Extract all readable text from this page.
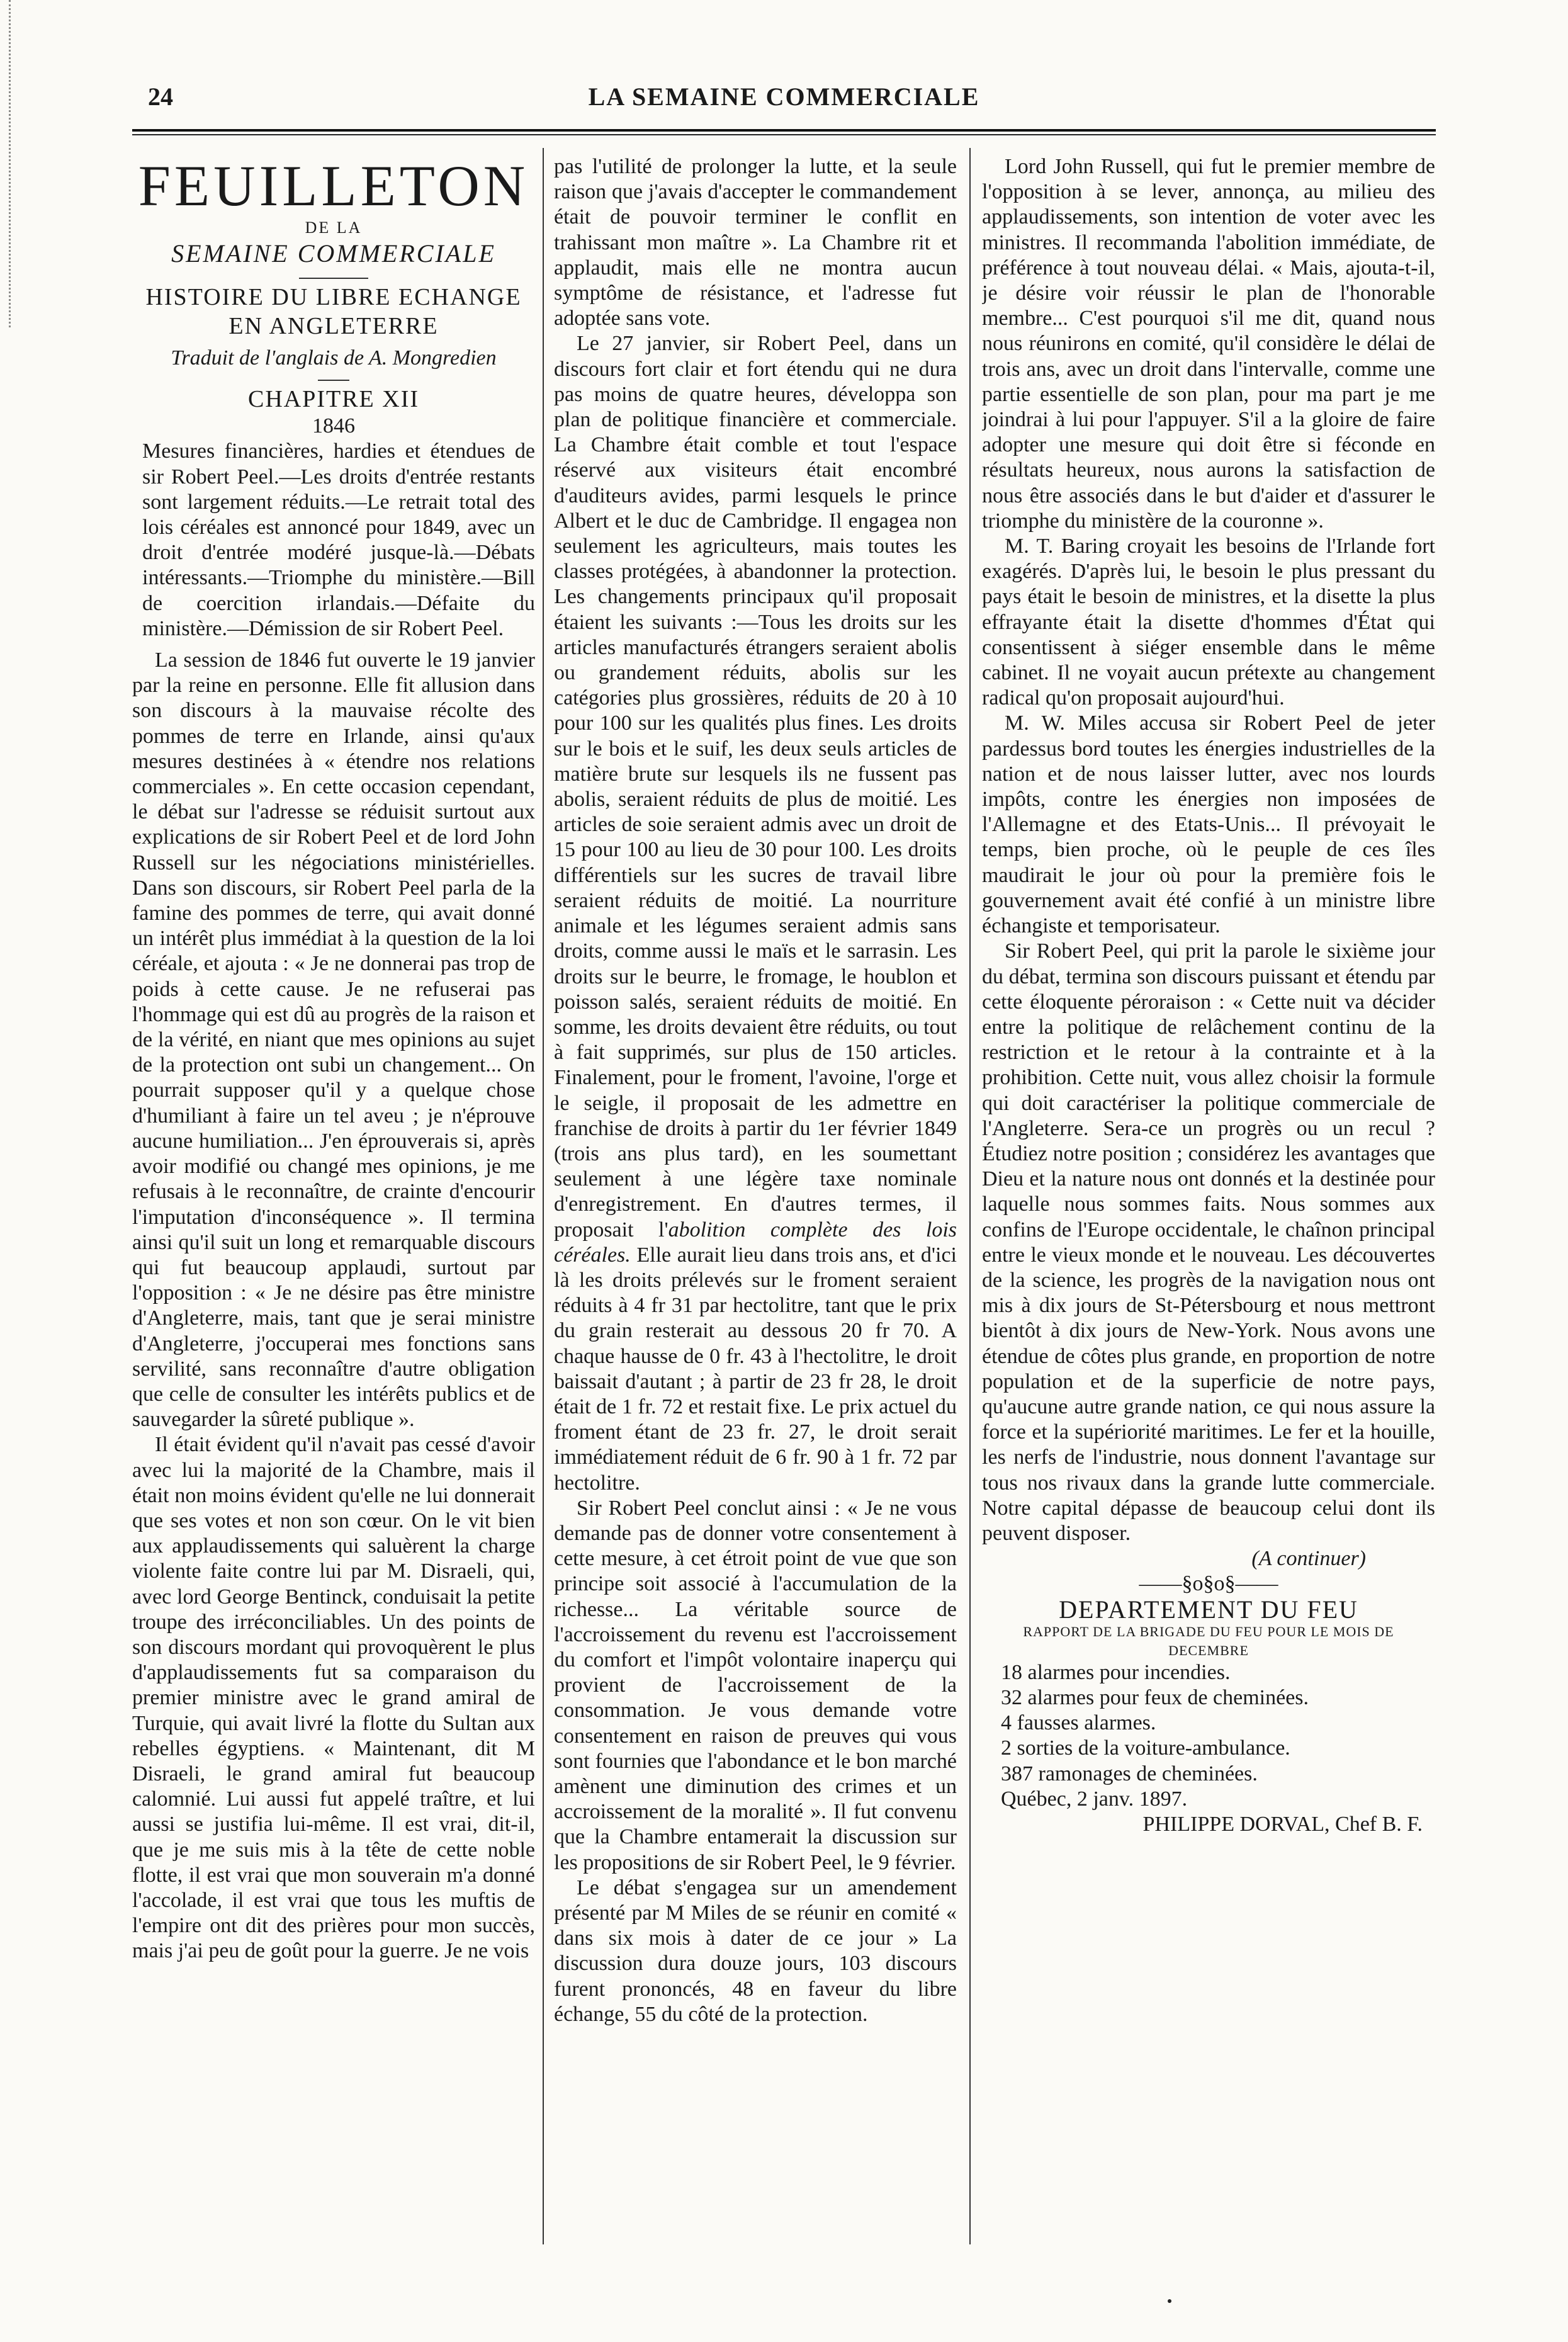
24	LA SEMAINE COMMERCIALE

FEUILLETON

DE LA

SEMAINE COMMERCIALE

HISTOIRE DU LIBRE ECHANGE

EN ANGLETERRE

Traduit de l'anglais de A. Mongredien

CHAPITRE XII

1846

Mesures financières, hardies et étendues de sir Robert Peel.—Les droits d'entrée restants sont largement réduits.—Le retrait total des lois céréales est annoncé pour 1849, avec un droit d'entrée modéré jusque-là.—Débats intéressants.—Triomphe du ministère.—Bill de coercition irlandais.—Défaite du ministère.—Démission de sir Robert Peel.

La session de 1846 fut ouverte le 19 janvier par la reine en personne. Elle fit allusion dans son discours à la mauvaise récolte des pommes de terre en Irlande, ainsi qu'aux mesures destinées à « étendre nos relations commerciales ». En cette occasion cependant, le débat sur l'adresse se réduisit surtout aux explications de sir Robert Peel et de lord John Russell sur les négociations ministérielles. Dans son discours, sir Robert Peel parla de la famine des pommes de terre, qui avait donné un intérêt plus immédiat à la question de la loi céréale, et ajouta : « Je ne donnerai pas trop de poids à cette cause. Je ne refuserai pas l'hommage qui est dû au progrès de la raison et de la vérité, en niant que mes opinions au sujet de la protection ont subi un changement... On pourrait supposer qu'il y a quelque chose d'humiliant à faire un tel aveu ; je n'éprouve aucune humiliation... J'en éprouverais si, après avoir modifié ou changé mes opinions, je me refusais à le reconnaître, de crainte d'encourir l'imputation d'inconséquence ». Il termina ainsi qu'il suit un long et remarquable discours qui fut beaucoup applaudi, surtout par l'opposition : « Je ne désire pas être ministre d'Angleterre, mais, tant que je serai ministre d'Angleterre, j'occuperai mes fonctions sans servilité, sans reconnaître d'autre obligation que celle de consulter les intérêts publics et de sauvegarder la sûreté publique ».

Il était évident qu'il n'avait pas cessé d'avoir avec lui la majorité de la Chambre, mais il était non moins évident qu'elle ne lui donnerait que ses votes et non son cœur. On le vit bien aux applaudissements qui saluèrent la charge violente faite contre lui par M. Disraeli, qui, avec lord George Bentinck, conduisait la petite troupe des irréconciliables. Un des points de son discours mordant qui provoquèrent le plus d'applaudissements fut sa comparaison du premier ministre avec le grand amiral de Turquie, qui avait livré la flotte du Sultan aux rebelles égyptiens. « Maintenant, dit M Disraeli, le grand amiral fut beaucoup calomnié. Lui aussi fut appelé traître, et lui aussi se justifia lui-même. Il est vrai, dit-il, que je me suis mis à la tête de cette noble flotte, il est vrai que mon souverain m'a donné l'accolade, il est vrai que tous les muftis de l'empire ont dit des prières pour mon succès, mais j'ai peu de goût pour la guerre. Je ne vois

pas l'utilité de prolonger la lutte, et la seule raison que j'avais d'accepter le commandement était de pouvoir terminer le conflit en trahissant mon maître ». La Chambre rit et applaudit, mais elle ne montra aucun symptôme de résistance, et l'adresse fut adoptée sans vote.

Le 27 janvier, sir Robert Peel, dans un discours fort clair et fort étendu qui ne dura pas moins de quatre heures, développa son plan de politique financière et commerciale. La Chambre était comble et tout l'espace réservé aux visiteurs était encombré d'auditeurs avides, parmi lesquels le prince Albert et le duc de Cambridge. Il engagea non seulement les agriculteurs, mais toutes les classes protégées, à abandonner la protection. Les changements principaux qu'il proposait étaient les suivants :—Tous les droits sur les articles manufacturés étrangers seraient abolis ou grandement réduits, abolis sur les catégories plus grossières, réduits de 20 à 10 pour 100 sur les qualités plus fines. Les droits sur le bois et le suif, les deux seuls articles de matière brute sur lesquels ils ne fussent pas abolis, seraient réduits de plus de moitié. Les articles de soie seraient admis avec un droit de 15 pour 100 au lieu de 30 pour 100. Les droits différentiels sur les sucres de travail libre seraient réduits de moitié. La nourriture animale et les légumes seraient admis sans droits, comme aussi le maïs et le sarrasin. Les droits sur le beurre, le fromage, le houblon et poisson salés, seraient réduits de moitié. En somme, les droits devaient être réduits, ou tout à fait supprimés, sur plus de 150 articles. Finalement, pour le froment, l'avoine, l'orge et le seigle, il proposait de les admettre en franchise de droits à partir du 1er février 1849 (trois ans plus tard), en les soumettant seulement à une légère taxe nominale d'enregistrement. En d'autres termes, il proposait l'abolition complète des lois céréales. Elle aurait lieu dans trois ans, et d'ici là les droits prélevés sur le froment seraient réduits à 4 fr 31 par hectolitre, tant que le prix du grain resterait au dessous 20 fr 70. A chaque hausse de 0 fr. 43 à l'hectolitre, le droit baissait d'autant ; à partir de 23 fr 28, le droit était de 1 fr. 72 et restait fixe. Le prix actuel du froment étant de 23 fr. 27, le droit serait immédiatement réduit de 6 fr. 90 à 1 fr. 72 par hectolitre.

Sir Robert Peel conclut ainsi : « Je ne vous demande pas de donner votre consentement à cette mesure, à cet étroit point de vue que son principe soit associé à l'accumulation de la richesse... La véritable source de l'accroissement du revenu est l'accroissement du comfort et l'impôt volontaire inaperçu qui provient de l'accroissement de la consommation. Je vous demande votre consentement en raison de preuves qui vous sont fournies que l'abondance et le bon marché amènent une diminution des crimes et un accroissement de la moralité ». Il fut convenu que la Chambre entamerait la discussion sur les propositions de sir Robert Peel, le 9 février.

Le débat s'engagea sur un amendement présenté par M Miles de se réunir en comité « dans six mois à dater de ce jour » La discussion dura douze jours, 103 discours furent prononcés, 48 en faveur du libre échange, 55 du côté de la protection.

Lord John Russell, qui fut le premier membre de l'opposition à se lever, annonça, au milieu des applaudissements, son intention de voter avec les ministres. Il recommanda l'abolition immédiate, de préférence à tout nouveau délai. « Mais, ajouta-t-il, je désire voir réussir le plan de l'honorable membre... C'est pourquoi s'il me dit, quand nous nous réunirons en comité, qu'il considère le délai de trois ans, avec un droit dans l'intervalle, comme une partie essentielle de son plan, pour ma part je me joindrai à lui pour l'appuyer. S'il a la gloire de faire adopter une mesure qui doit être si féconde en résultats heureux, nous aurons la satisfaction de nous être associés dans le but d'aider et d'assurer le triomphe du ministère de la couronne ».

M. T. Baring croyait les besoins de l'Irlande fort exagérés. D'après lui, le besoin le plus pressant du pays était le besoin de ministres, et la disette la plus effrayante était la disette d'hommes d'État qui consentissent à siéger ensemble dans le même cabinet. Il ne voyait aucun prétexte au changement radical qu'on proposait aujourd'hui.

M. W. Miles accusa sir Robert Peel de jeter pardessus bord toutes les énergies industrielles de la nation et de nous laisser lutter, avec nos lourds impôts, contre les énergies non imposées de l'Allemagne et des Etats-Unis... Il prévoyait le temps, bien proche, où le peuple de ces îles maudirait le jour où pour la première fois le gouvernement avait été confié à un ministre libre échangiste et temporisateur.

Sir Robert Peel, qui prit la parole le sixième jour du débat, termina son discours puissant et étendu par cette éloquente péroraison : « Cette nuit va décider entre la politique de relâchement continu de la restriction et le retour à la contrainte et à la prohibition. Cette nuit, vous allez choisir la formule qui doit caractériser la politique commerciale de l'Angleterre. Sera-ce un progrès ou un recul ? Étudiez notre position ; considérez les avantages que Dieu et la nature nous ont donnés et la destinée pour laquelle nous sommes faits. Nous sommes aux confins de l'Europe occidentale, le chaînon principal entre le vieux monde et le nouveau. Les découvertes de la science, les progrès de la navigation nous ont mis à dix jours de St-Pétersbourg et nous mettront bientôt à dix jours de New-York. Nous avons une étendue de côtes plus grande, en proportion de notre population et de la superficie de notre pays, qu'aucune autre grande nation, ce qui nous assure la force et la supériorité maritimes. Le fer et la houille, les nerfs de l'industrie, nous donnent l'avantage sur tous nos rivaux dans la grande lutte commerciale. Notre capital dépasse de beaucoup celui dont ils peuvent disposer.

(A continuer)

——§o§o§——

DEPARTEMENT DU FEU

RAPPORT DE LA BRIGADE DU FEU POUR LE MOIS DE DECEMBRE

18 alarmes pour incendies.

32 alarmes pour feux de cheminées.

4 fausses alarmes.

2 sorties de la voiture-ambulance.

387 ramonages de cheminées.

Québec, 2 janv. 1897.

PHILIPPE DORVAL, Chef B. F.
